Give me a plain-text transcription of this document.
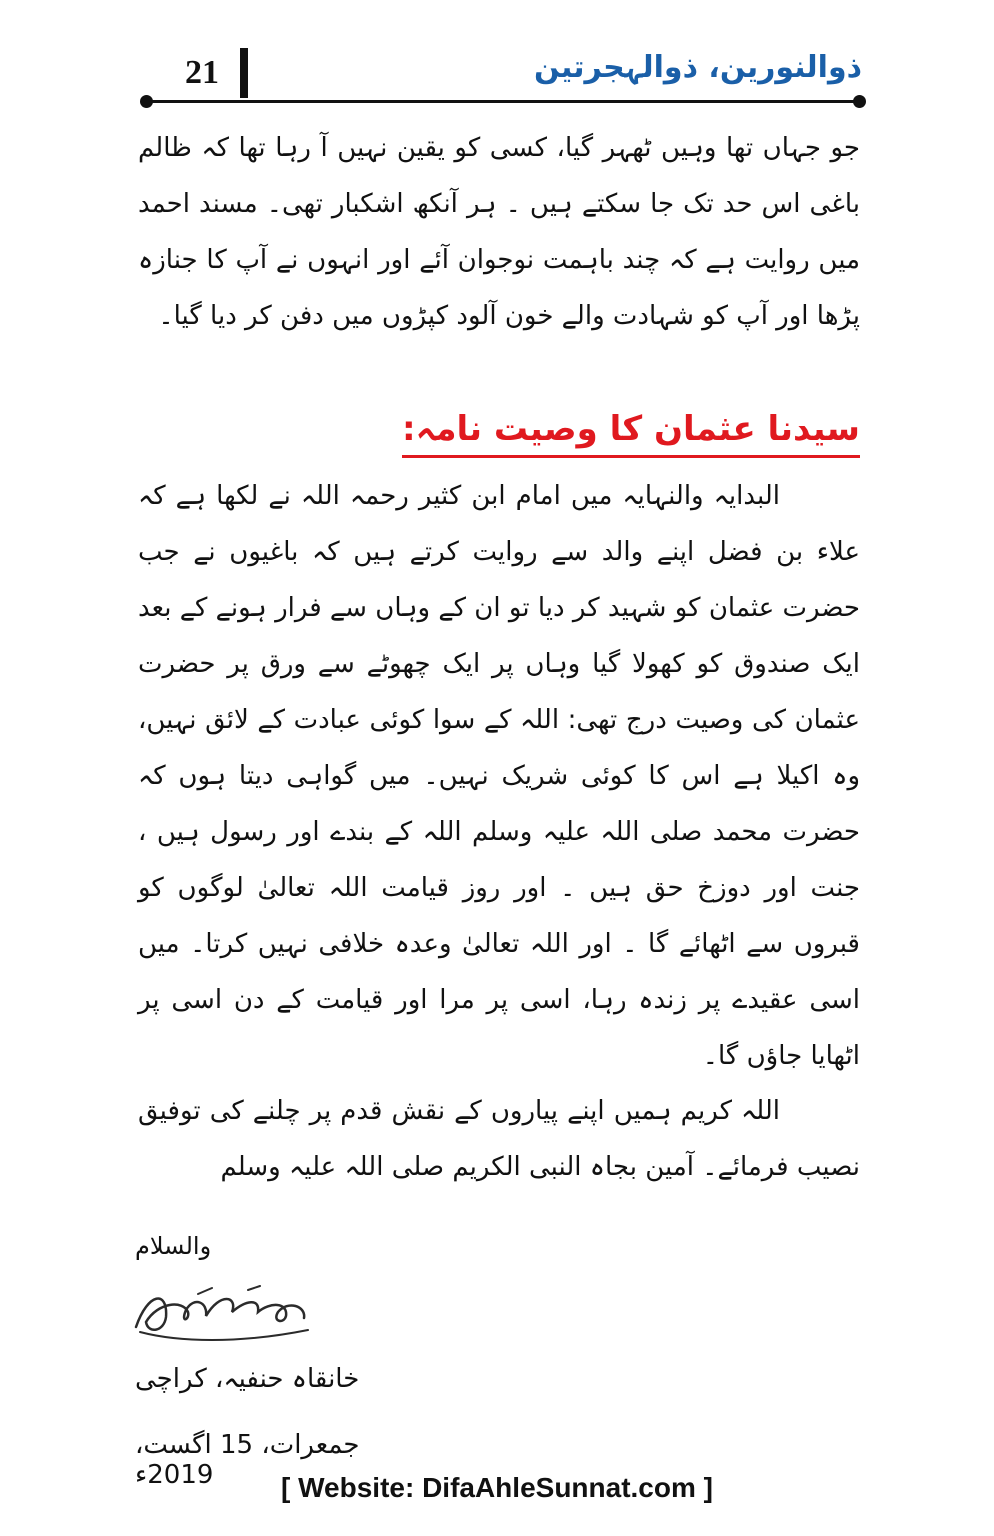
21	ذوالنورین، ذوالہجرتین

جو جہاں تھا وہیں ٹھہر گیا، کسی کو یقین نہیں آ رہا تھا کہ ظالم باغی اس حد تک جا سکتے ہیں ۔ ہر آنکھ اشکبار تھی۔ مسند احمد میں روایت ہے کہ چند باہمت نوجوان آئے اور انہوں نے آپ کا جنازہ پڑھا اور آپ کو شہادت والے خون آلود کپڑوں میں دفن کر دیا گیا۔

سیدنا عثمان کا وصیت نامہ:

البدایہ والنہایہ میں امام ابن کثیر رحمہ اللہ نے لکھا ہے کہ علاء بن فضل اپنے والد سے روایت کرتے ہیں کہ باغیوں نے جب حضرت عثمان کو شہید کر دیا تو ان کے وہاں سے فرار ہونے کے بعد ایک صندوق کو کھولا گیا وہاں پر ایک چھوٹے سے ورق پر حضرت عثمان کی وصیت درج تھی: اللہ کے سوا کوئی عبادت کے لائق نہیں، وہ اکیلا ہے اس کا کوئی شریک نہیں۔ میں گواہی دیتا ہوں کہ حضرت محمد صلی اللہ علیہ وسلم اللہ کے بندے اور رسول ہیں ، جنت اور دوزخ حق ہیں ۔ اور روز قیامت اللہ تعالیٰ لوگوں کو قبروں سے اٹھائے گا ۔ اور اللہ تعالیٰ وعدہ خلافی نہیں کرتا۔ میں اسی عقیدے پر زندہ رہا، اسی پر مرا اور قیامت کے دن اسی پر اٹھایا جاؤں گا۔

اللہ کریم ہمیں اپنے پیاروں کے نقش قدم پر چلنے کی توفیق نصیب فرمائے۔ آمین بجاہ النبی الکریم صلی اللہ علیہ وسلم

والسلام
خانقاہ حنفیہ، کراچی
جمعرات، 15 اگست، 2019ء	[ Website: DifaAhleSunnat.com ]
